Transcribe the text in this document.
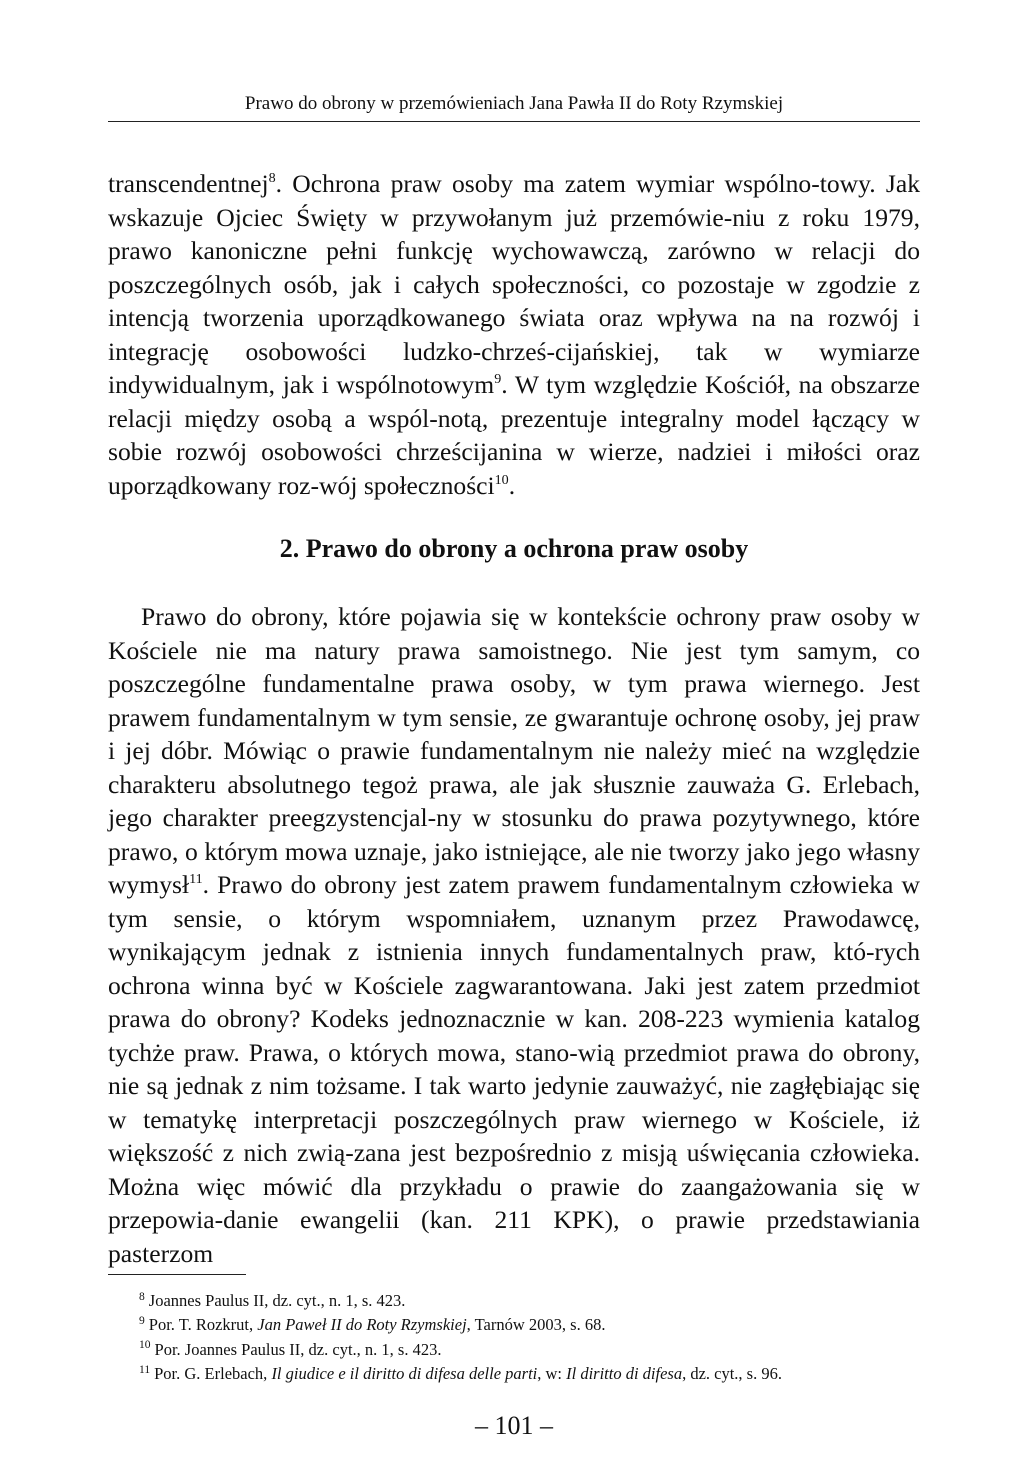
Prawo do obrony w przemówieniach Jana Pawła II do Roty Rzymskiej

transcendentnej$^8$. Ochrona praw osoby ma zatem wymiar wspólno-towy. Jak wskazuje Ojciec Święty w przywołanym już przemówie-niu z roku 1979, prawo kanoniczne pełni funkcję wychowawczą, zarówno w relacji do poszczególnych osób, jak i całych społeczności, co pozostaje w zgodzie z intencją tworzenia uporządkowanego świata oraz wpływa na na rozwój i integrację osobowości ludzko-chrześ-cijańskiej, tak w wymiarze indywidualnym, jak i wspólnotowym$^9$. W tym względzie Kościół, na obszarze relacji między osobą a wspól-notą, prezentuje integralny model łączący w sobie rozwój osobowości chrześcijanina w wierze, nadziei i miłości oraz uporządkowany roz-wój społeczności$^{10}$.

2. Prawo do obrony a ochrona praw osoby

Prawo do obrony, które pojawia się w kontekście ochrony praw osoby w Kościele nie ma natury prawa samoistnego. Nie jest tym samym, co poszczególne fundamentalne prawa osoby, w tym prawa wiernego. Jest prawem fundamentalnym w tym sensie, ze gwarantuje ochronę osoby, jej praw i jej dóbr. Mówiąc o prawie fundamentalnym nie należy mieć na względzie charakteru absolutnego tegoż prawa, ale jak słusznie zauważa G. Erlebach, jego charakter preegzystencjal-ny w stosunku do prawa pozytywnego, które prawo, o którym mowa uznaje, jako istniejące, ale nie tworzy jako jego własny wymysł$^{11}$. Prawo do obrony jest zatem prawem fundamentalnym człowieka w tym sensie, o którym wspomniałem, uznanym przez Prawodawcę, wynikającym jednak z istnienia innych fundamentalnych praw, któ-rych ochrona winna być w Kościele zagwarantowana. Jaki jest zatem przedmiot prawa do obrony? Kodeks jednoznacznie w kan. 208-223 wymienia katalog tychże praw. Prawa, o których mowa, stano-wią przedmiot prawa do obrony, nie są jednak z nim tożsame. I tak warto jedynie zauważyć, nie zagłębiając się w tematykę interpretacji poszczególnych praw wiernego w Kościele, iż większość z nich zwią-zana jest bezpośrednio z misją uświęcania człowieka. Można więc mówić dla przykładu o prawie do zaangażowania się w przepowia-danie ewangelii (kan. 211 KPK), o prawie przedstawiania pasterzom

$^8$ Joannes Paulus II, dz. cyt., n. 1, s. 423.

$^9$ Por. T. Rozkrut, Jan Paweł II do Roty Rzymskiej, Tarnów 2003, s. 68.

$^{10}$ Por. Joannes Paulus II, dz. cyt., n. 1, s. 423.

$^{11}$ Por. G. Erlebach, Il giudice e il diritto di difesa delle parti, w: Il diritto di difesa, dz. cyt., s. 96.

– 101 –
